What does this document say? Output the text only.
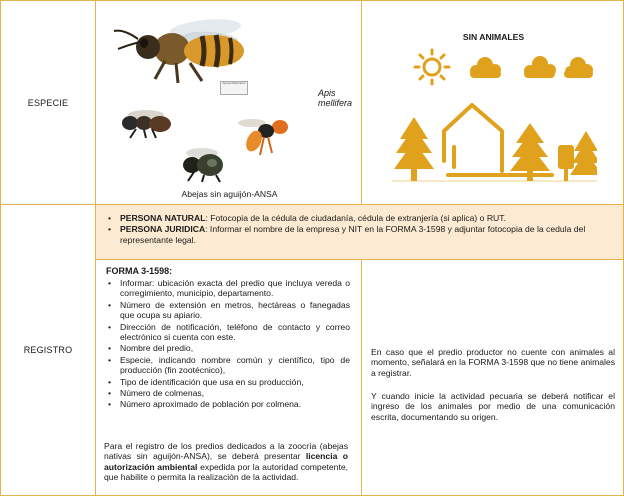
ESPECIE
Aprovechamiento
Apis mellifera
Abejas sin aguijón-ANSA
SIN ANIMALES
REGISTRO
• PERSONA NATURAL: Fotocopia de la cédula de ciudadanía, cédula de extranjería (si aplica) o RUT.
• PERSONA JURIDICA: Informar el nombre de la empresa y NIT en la FORMA 3-1598 y adjuntar fotocopia de la cedula del representante legal.
FORMA 3-1598:
• Informar: ubicación exacta del predio que incluya vereda o corregimiento, municipio, departamento.
• Número de extensión en metros, hectáreas o fanegadas que ocupa su apiario.
• Dirección de notificación, teléfono de contacto y correo electrónico si cuenta con este.
• Nombre del predio,
• Especie, indicando nombre común y científico, tipo de producción (fin zootécnico),
• Tipo de identificación que usa en su producción,
• Número de colmenas,
• Número aproximado de población por colmena.

Para el registro de los predios dedicados a la zoocría (abejas nativas sin aguijón-ANSA), se deberá presentar licencia o autorización ambiental expedida por la autoridad competente, que habilite o permita la realización de la actividad.

En caso que el predio productor no cuente con animales al momento, señalará en la FORMA 3-1598 que no tiene animales a registrar.

Y cuando inicie la actividad pecuaria se deberá notificar el ingreso de los animales por medio de una comunicación escrita, documentando su origen.
